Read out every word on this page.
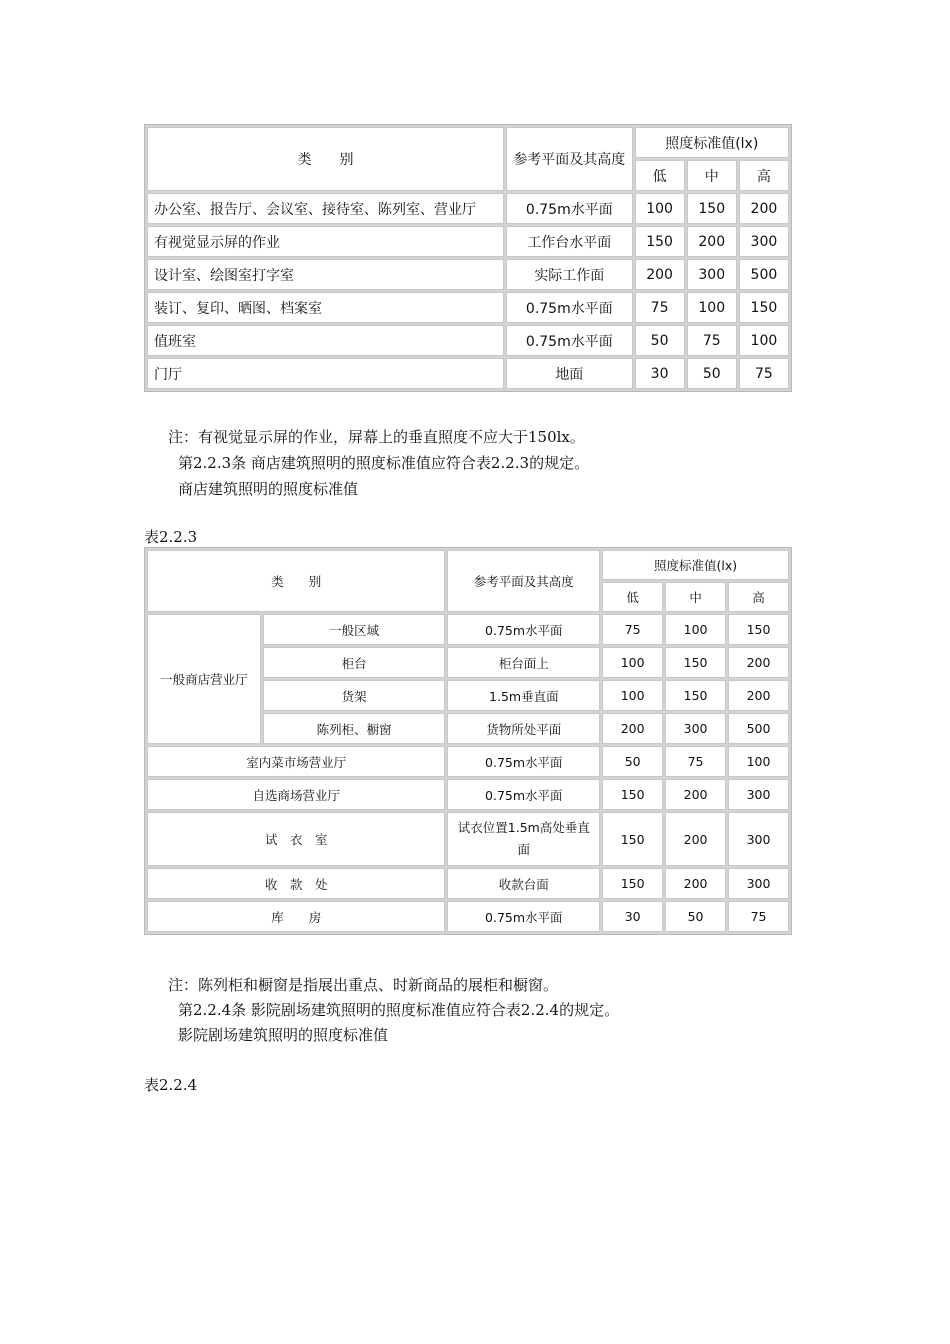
类　　别	参考平面及其高度	照度标准值(lx)		
		低	中	高
办公室、报告厅、会议室、接待室、陈列室、营业厅	0.75m水平面	100	150	200
有视觉显示屏的作业	工作台水平面	150	200	300
设计室、绘图室打字室	实际工作面	200	300	500
装订、复印、晒图、档案室	0.75m水平面	75	100	150
值班室	0.75m水平面	50	75	100
门厅	地面	30	50	75
注：有视觉显示屏的作业，屏幕上的垂直照度不应大于150lx。
第2.2.3条 商店建筑照明的照度标准值应符合表2.2.3的规定。
商店建筑照明的照度标准值
表2.2.3
类　　别		参考平面及其高度	照度标准值(lx)		
			低	中	高
一般商店营业厅	一般区域	0.75m水平面	75	100	150
	柜台	柜台面上	100	150	200
	货架	1.5m垂直面	100	150	200
	陈列柜、橱窗	货物所处平面	200	300	500
室内菜市场营业厅		0.75m水平面	50	75	100
自选商场营业厅		0.75m水平面	150	200	300
试　衣　室		试衣位置1.5m高处垂直面	150	200	300
收　款　处		收款台面	150	200	300
库　　房		0.75m水平面	30	50	75
注：陈列柜和橱窗是指展出重点、时新商品的展柜和橱窗。
第2.2.4条 影院剧场建筑照明的照度标准值应符合表2.2.4的规定。
影院剧场建筑照明的照度标准值
表2.2.4
